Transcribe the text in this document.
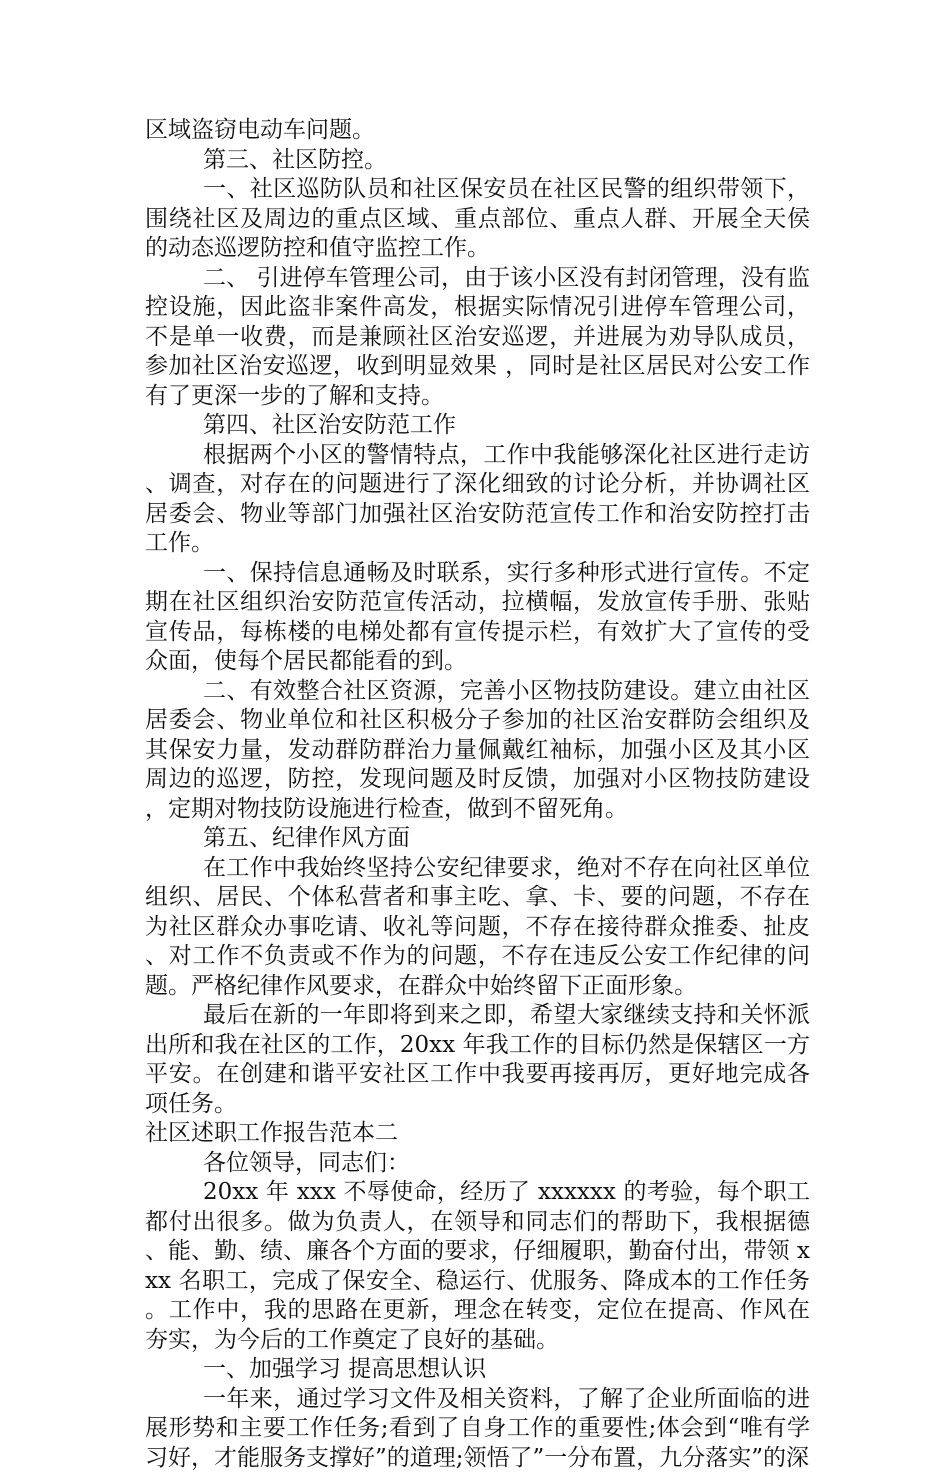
区域盗窃电动车问题。

第三、社区防控。

一、社区巡防队员和社区保安员在社区民警的组织带领下，围绕社区及周边的重点区域、重点部位、重点人群、开展全天侯的动态巡逻防控和值守监控工作。

二、 引进停车管理公司，由于该小区没有封闭管理，没有监控设施，因此盗非案件高发，根据实际情况引进停车管理公司，不是单一收费，而是兼顾社区治安巡逻，并进展为劝导队成员，参加社区治安巡逻，收到明显效果 ，同时是社区居民对公安工作有了更深一步的了解和支持。

第四、社区治安防范工作

根据两个小区的警情特点，工作中我能够深化社区进行走访、调查，对存在的问题进行了深化细致的讨论分析，并协调社区居委会、物业等部门加强社区治安防范宣传工作和治安防控打击工作。

一、保持信息通畅及时联系，实行多种形式进行宣传。不定期在社区组织治安防范宣传活动，拉横幅，发放宣传手册、张贴宣传品，每栋楼的电梯处都有宣传提示栏，有效扩大了宣传的受众面，使每个居民都能看的到。

二、有效整合社区资源，完善小区物技防建设。建立由社区居委会、物业单位和社区积极分子参加的社区治安群防会组织及其保安力量，发动群防群治力量佩戴红袖标，加强小区及其小区周边的巡逻，防控，发现问题及时反馈，加强对小区物技防建设，定期对物技防设施进行检查，做到不留死角。

第五、纪律作风方面

在工作中我始终坚持公安纪律要求，绝对不存在向社区单位组织、居民、个体私营者和事主吃、拿、卡、要的问题，不存在为社区群众办事吃请、收礼等问题，不存在接待群众推委、扯皮、对工作不负责或不作为的问题，不存在违反公安工作纪律的问题。严格纪律作风要求，在群众中始终留下正面形象。

最后在新的一年即将到来之即，希望大家继续支持和关怀派出所和我在社区的工作，20xx 年我工作的目标仍然是保辖区一方平安。在创建和谐平安社区工作中我要再接再厉，更好地完成各项任务。

社区述职工作报告范本二

各位领导，同志们：

20xx 年 xxx 不辱使命，经历了 xxxxxx 的考验，每个职工都付出很多。做为负责人，在领导和同志们的帮助下，我根据德、能、勤、绩、廉各个方面的要求，仔细履职，勤奋付出，带领 xxx 名职工，完成了保安全、稳运行、优服务、降成本的工作任务。工作中，我的思路在更新，理念在转变，定位在提高、作风在夯实，为今后的工作奠定了良好的基础。

一、加强学习 提高思想认识

一年来，通过学习文件及相关资料，了解了企业所面临的进展形势和主要工作任务;看到了自身工作的重要性;体会到“唯有学习好，才能服务支撑好”的道理;领悟了”一分布置，九分落实”的深
